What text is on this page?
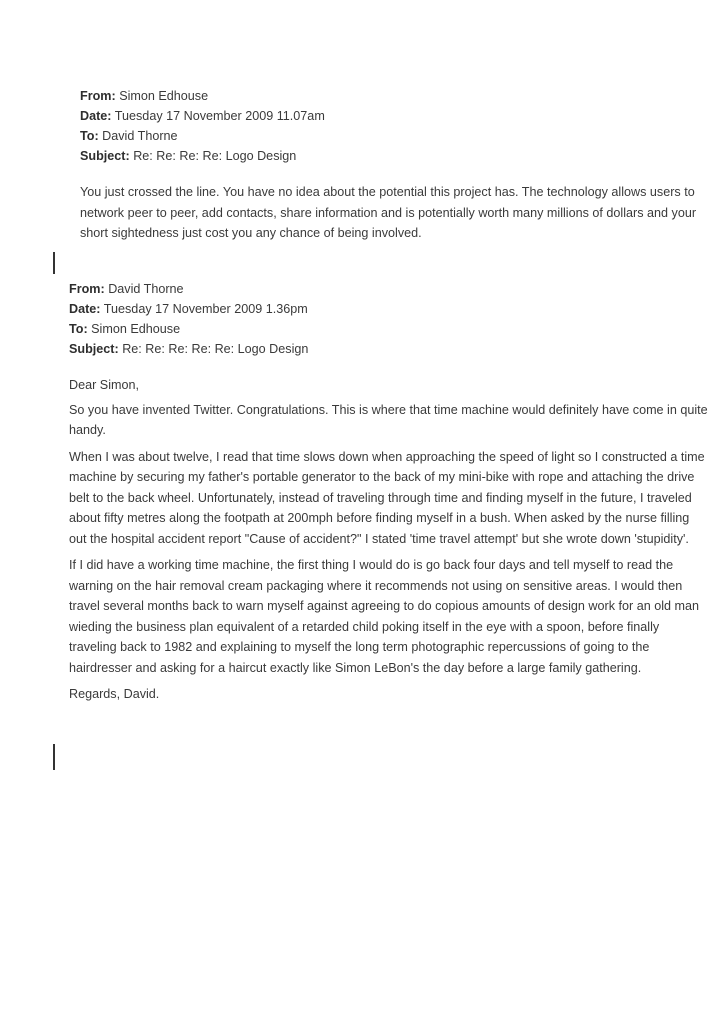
From: Simon Edhouse
Date: Tuesday 17 November 2009 11.07am
To: David Thorne
Subject: Re: Re: Re: Re: Logo Design

You just crossed the line. You have no idea about the potential this project has. The technology allows users to network peer to peer, add contacts, share information and is potentially worth many millions of dollars and your short sightedness just cost you any chance of being involved.

From: David Thorne
Date: Tuesday 17 November 2009 1.36pm
To: Simon Edhouse
Subject: Re: Re: Re: Re: Re: Logo Design

Dear Simon,

So you have invented Twitter. Congratulations. This is where that time machine would definitely have come in quite handy.

When I was about twelve, I read that time slows down when approaching the speed of light so I constructed a time machine by securing my father's portable generator to the back of my mini-bike with rope and attaching the drive belt to the back wheel. Unfortunately, instead of traveling through time and finding myself in the future, I traveled about fifty metres along the footpath at 200mph before finding myself in a bush. When asked by the nurse filling out the hospital accident report "Cause of accident?" I stated 'time travel attempt' but she wrote down 'stupidity'.

If I did have a working time machine, the first thing I would do is go back four days and tell myself to read the warning on the hair removal cream packaging where it recommends not using on sensitive areas. I would then travel several months back to warn myself against agreeing to do copious amounts of design work for an old man wieding the business plan equivalent of a retarded child poking itself in the eye with a spoon, before finally traveling back to 1982 and explaining to myself the long term photographic repercussions of going to the hairdresser and asking for a haircut exactly like Simon LeBon's the day before a large family gathering.

Regards, David.
